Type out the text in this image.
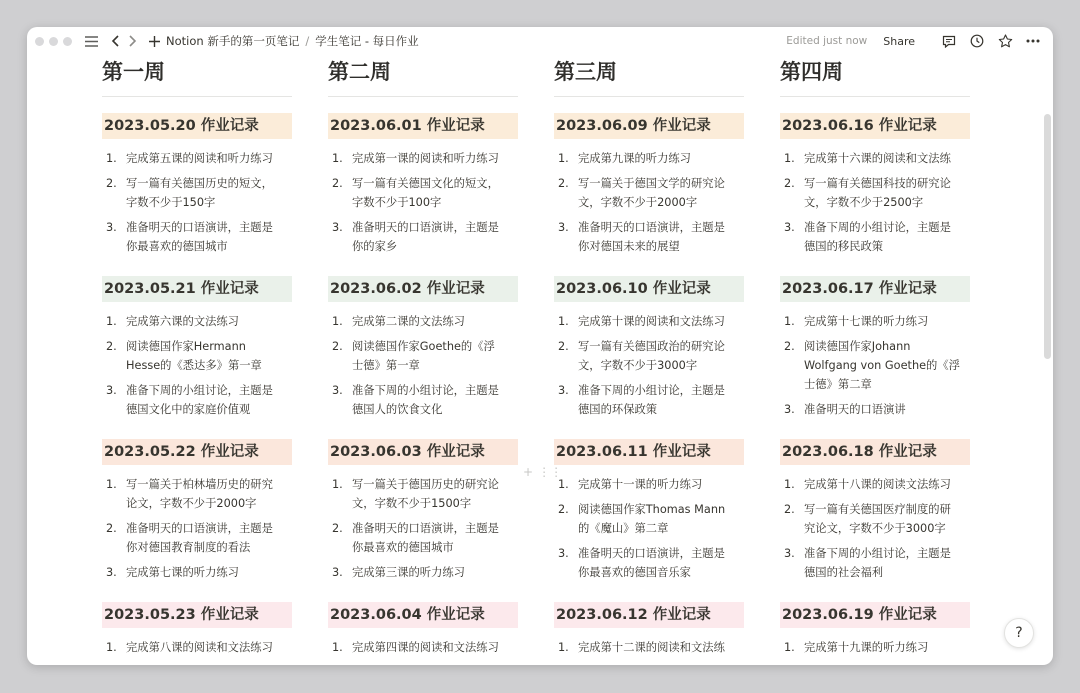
Notion 新手的第一页笔记 / 学生笔记 - 每日作业	Edited just now Share
第一周
2023.05.20 作业记录
1. 完成第五课的阅读和听力练习
2. 写一篇有关德国历史的短文，
字数不少于150字
3. 准备明天的口语演讲，主题是
你最喜欢的德国城市
2023.05.21 作业记录
1. 完成第六课的文法练习
2. 阅读德国作家Hermann
Hesse的《悉达多》第一章
3. 准备下周的小组讨论，主题是
德国文化中的家庭价值观
2023.05.22 作业记录
1. 写一篇关于柏林墙历史的研究
论文，字数不少于2000字
2. 准备明天的口语演讲，主题是
你对德国教育制度的看法
3. 完成第七课的听力练习
2023.05.23 作业记录
1. 完成第八课的阅读和文法练习
第二周
2023.06.01 作业记录
1. 完成第一课的阅读和听力练习
2. 写一篇有关德国文化的短文，
字数不少于100字
3. 准备明天的口语演讲，主题是
你的家乡
2023.06.02 作业记录
1. 完成第二课的文法练习
2. 阅读德国作家Goethe的《浮
士德》第一章
3. 准备下周的小组讨论，主题是
德国人的饮食文化
2023.06.03 作业记录
1. 写一篇关于德国历史的研究论
文，字数不少于1500字
2. 准备明天的口语演讲，主题是
你最喜欢的德国城市
3. 完成第三课的听力练习
2023.06.04 作业记录
1. 完成第四课的阅读和文法练习
第三周
2023.06.09 作业记录
1. 完成第九课的听力练习
2. 写一篇关于德国文学的研究论
文，字数不少于2000字
3. 准备明天的口语演讲，主题是
你对德国未来的展望
2023.06.10 作业记录
1. 完成第十课的阅读和文法练习
2. 写一篇有关德国政治的研究论
文，字数不少于3000字
3. 准备下周的小组讨论，主题是
德国的环保政策
2023.06.11 作业记录
1. 完成第十一课的听力练习
2. 阅读德国作家Thomas Mann
的《魔山》第二章
3. 准备明天的口语演讲，主题是
你最喜欢的德国音乐家
2023.06.12 作业记录
1. 完成第十二课的阅读和文法练
第四周
2023.06.16 作业记录
1. 完成第十六课的阅读和文法练
2. 写一篇有关德国科技的研究论
文，字数不少于2500字
3. 准备下周的小组讨论，主题是
德国的移民政策
2023.06.17 作业记录
1. 完成第十七课的听力练习
2. 阅读德国作家Johann
Wolfgang von Goethe的《浮
士德》第二章
3. 准备明天的口语演讲
2023.06.18 作业记录
1. 完成第十八课的阅读文法练习
2. 写一篇有关德国医疗制度的研
究论文，字数不少于3000字
3. 准备下周的小组讨论，主题是
德国的社会福利
2023.06.19 作业记录
1. 完成第十九课的听力练习
+ ⋮⋮
?
